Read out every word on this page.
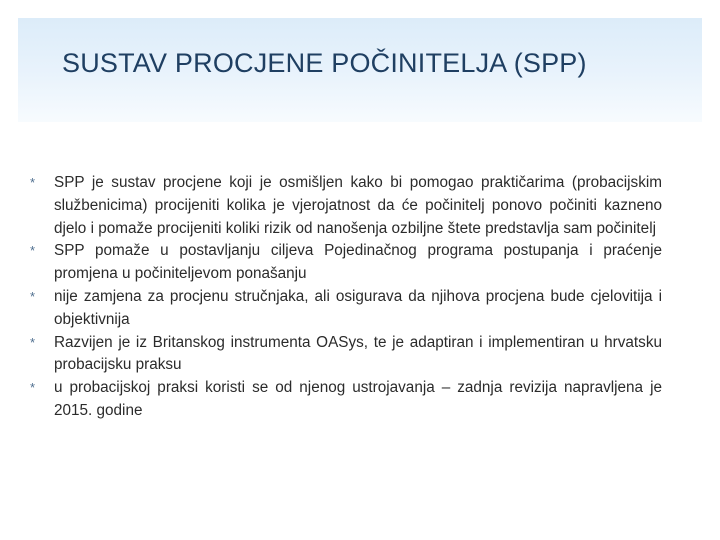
SUSTAV PROCJENE POČINITELJA (SPP)
* SPP je sustav procjene koji je osmišljen kako bi pomogao praktičarima (probacijskim službenicima) procijeniti kolika je vjerojatnost da će počinitelj ponovo počiniti kazneno djelo i pomaže procijeniti koliki rizik od nanošenja ozbiljne štete predstavlja sam počinitelj
* SPP pomaže u postavljanju ciljeva Pojedinačnog programa postupanja i praćenje promjena u počiniteljevom ponašanju
* nije zamjena za procjenu stručnjaka, ali osigurava da njihova procjena bude cjelovitija i objektivnija
* Razvijen je iz Britanskog instrumenta OASys, te je adaptiran i implementiran u hrvatsku probacijsku praksu
* u probacijskoj praksi koristi se od njenog ustrojavanja – zadnja revizija napravljena je 2015. godine
